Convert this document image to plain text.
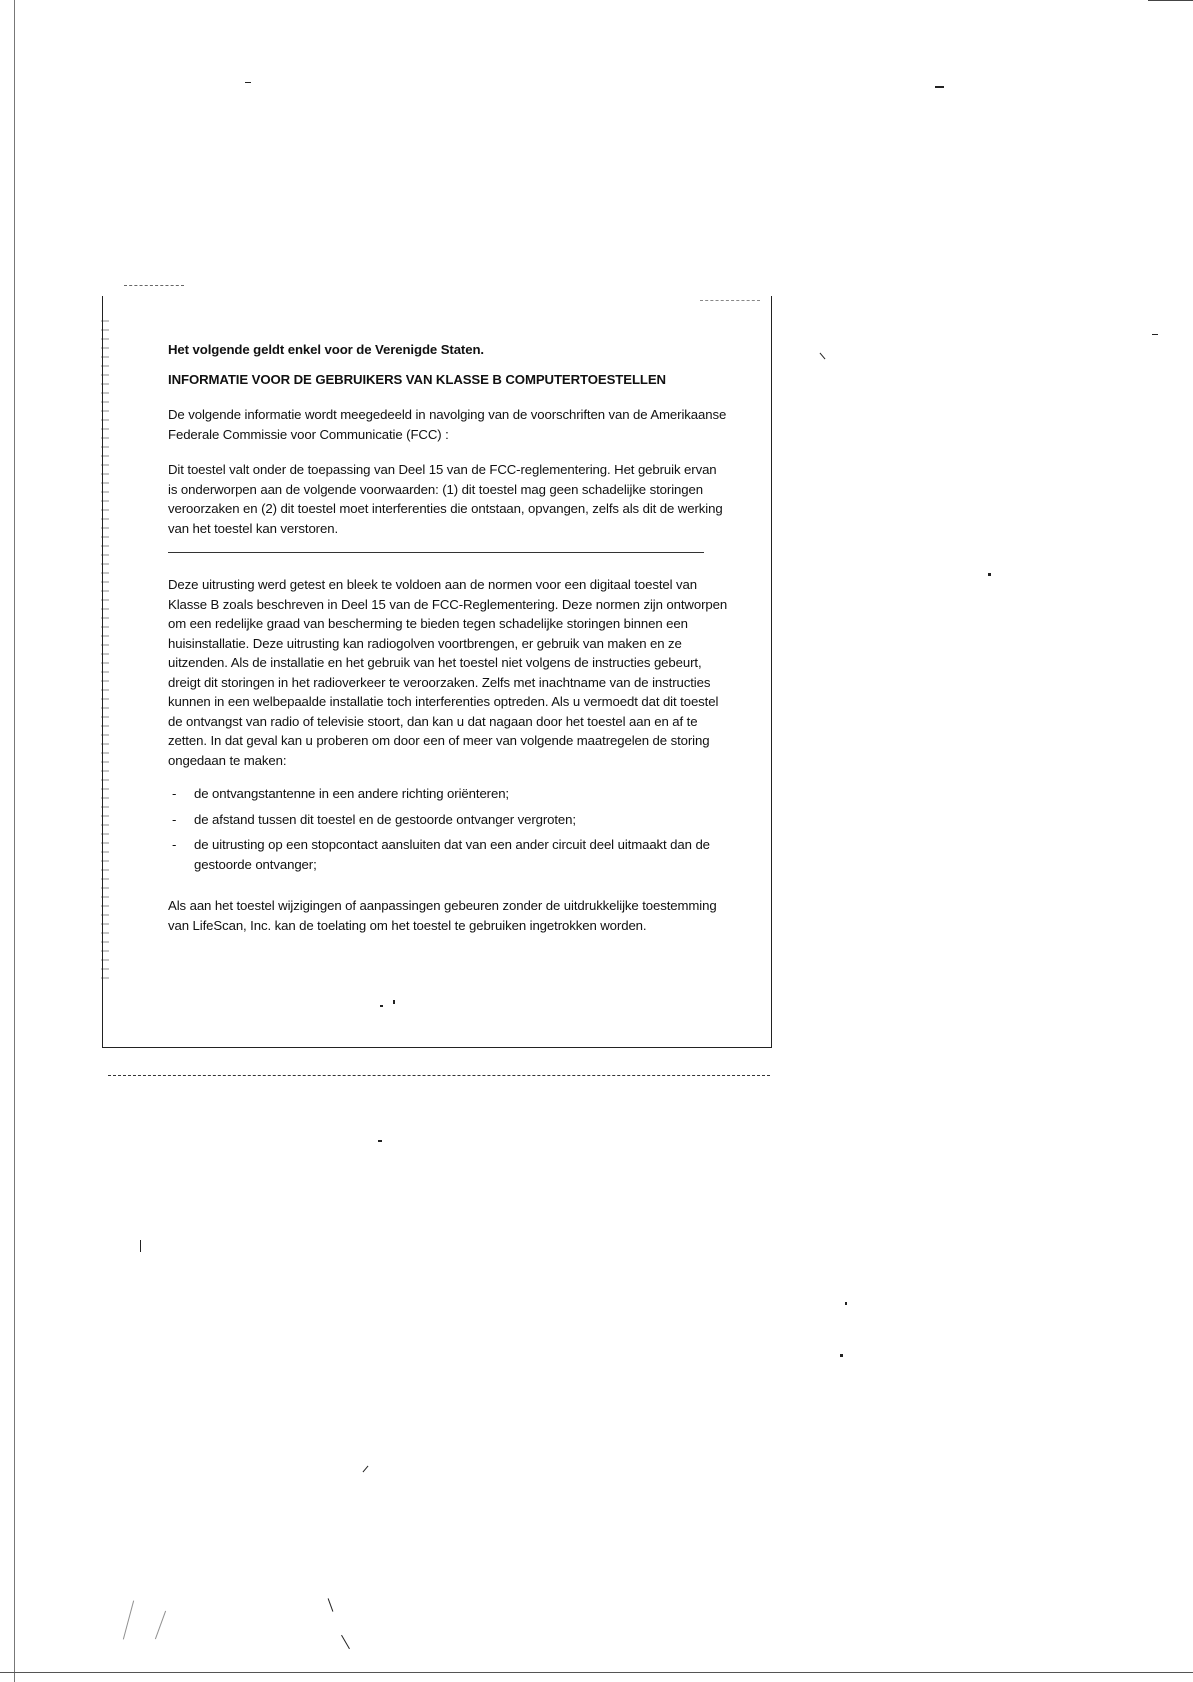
Het volgende geldt enkel voor de Verenigde Staten.

INFORMATIE VOOR DE GEBRUIKERS VAN KLASSE B COMPUTERTOESTELLEN

De volgende informatie wordt meegedeeld in navolging van de voorschriften van de Amerikaanse Federale Commissie voor Communicatie (FCC) :

Dit toestel valt onder de toepassing van Deel 15 van de FCC-reglementering. Het gebruik ervan is onderworpen aan de volgende voorwaarden: (1) dit toestel mag geen schadelijke storingen veroorzaken en (2) dit toestel moet interferenties die ontstaan, opvangen, zelfs als dit de werking van het toestel kan verstoren.

Deze uitrusting werd getest en bleek te voldoen aan de normen voor een digitaal toestel van Klasse B zoals beschreven in Deel 15 van de FCC-Reglementering. Deze normen zijn ontworpen om een redelijke graad van bescherming te bieden tegen schadelijke storingen binnen een huisinstallatie. Deze uitrusting kan radiogolven voortbrengen, er gebruik van maken en ze uitzenden. Als de installatie en het gebruik van het toestel niet volgens de instructies gebeurt, dreigt dit storingen in het radioverkeer te veroorzaken. Zelfs met inachtname van de instructies kunnen in een welbepaalde installatie toch interferenties optreden. Als u vermoedt dat dit toestel de ontvangst van radio of televisie stoort, dan kan u dat nagaan door het toestel aan en af te zetten. In dat geval kan u proberen om door een of meer van volgende maatregelen de storing ongedaan te maken:

- de ontvangstantenne in een andere richting oriënteren;
- de afstand tussen dit toestel en de gestoorde ontvanger vergroten;
- de uitrusting op een stopcontact aansluiten dat van een ander circuit deel uitmaakt dan de gestoorde ontvanger;

Als aan het toestel wijzigingen of aanpassingen gebeuren zonder de uitdrukkelijke toestemming van LifeScan, Inc. kan de toelating om het toestel te gebruiken ingetrokken worden.
